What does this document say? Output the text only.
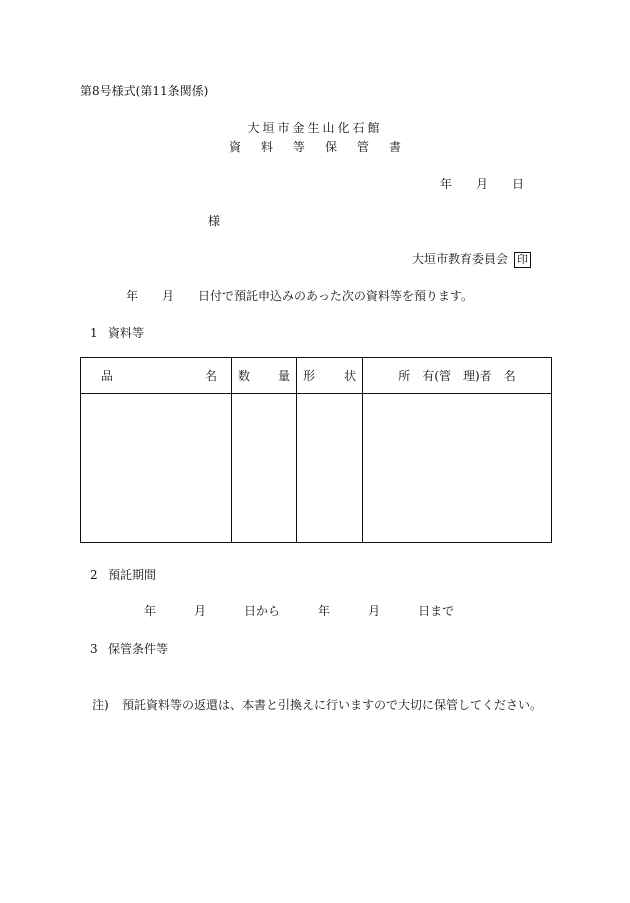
第8号様式(第11条関係)
大垣市金生山化石館
資 料 等 保 管 書
年 月 日
様
大垣市教育委員会 印
年 月 日付で預託申込みのあった次の資料等を預ります。
1 資料等
品 名	数 量	形 状	所 有(管 理)者 名

2 預託期間
年	月	日から	年	月	日まで
3 保管条件等
注) 預託資料等の返還は、本書と引換えに行いますので大切に保管してください。
